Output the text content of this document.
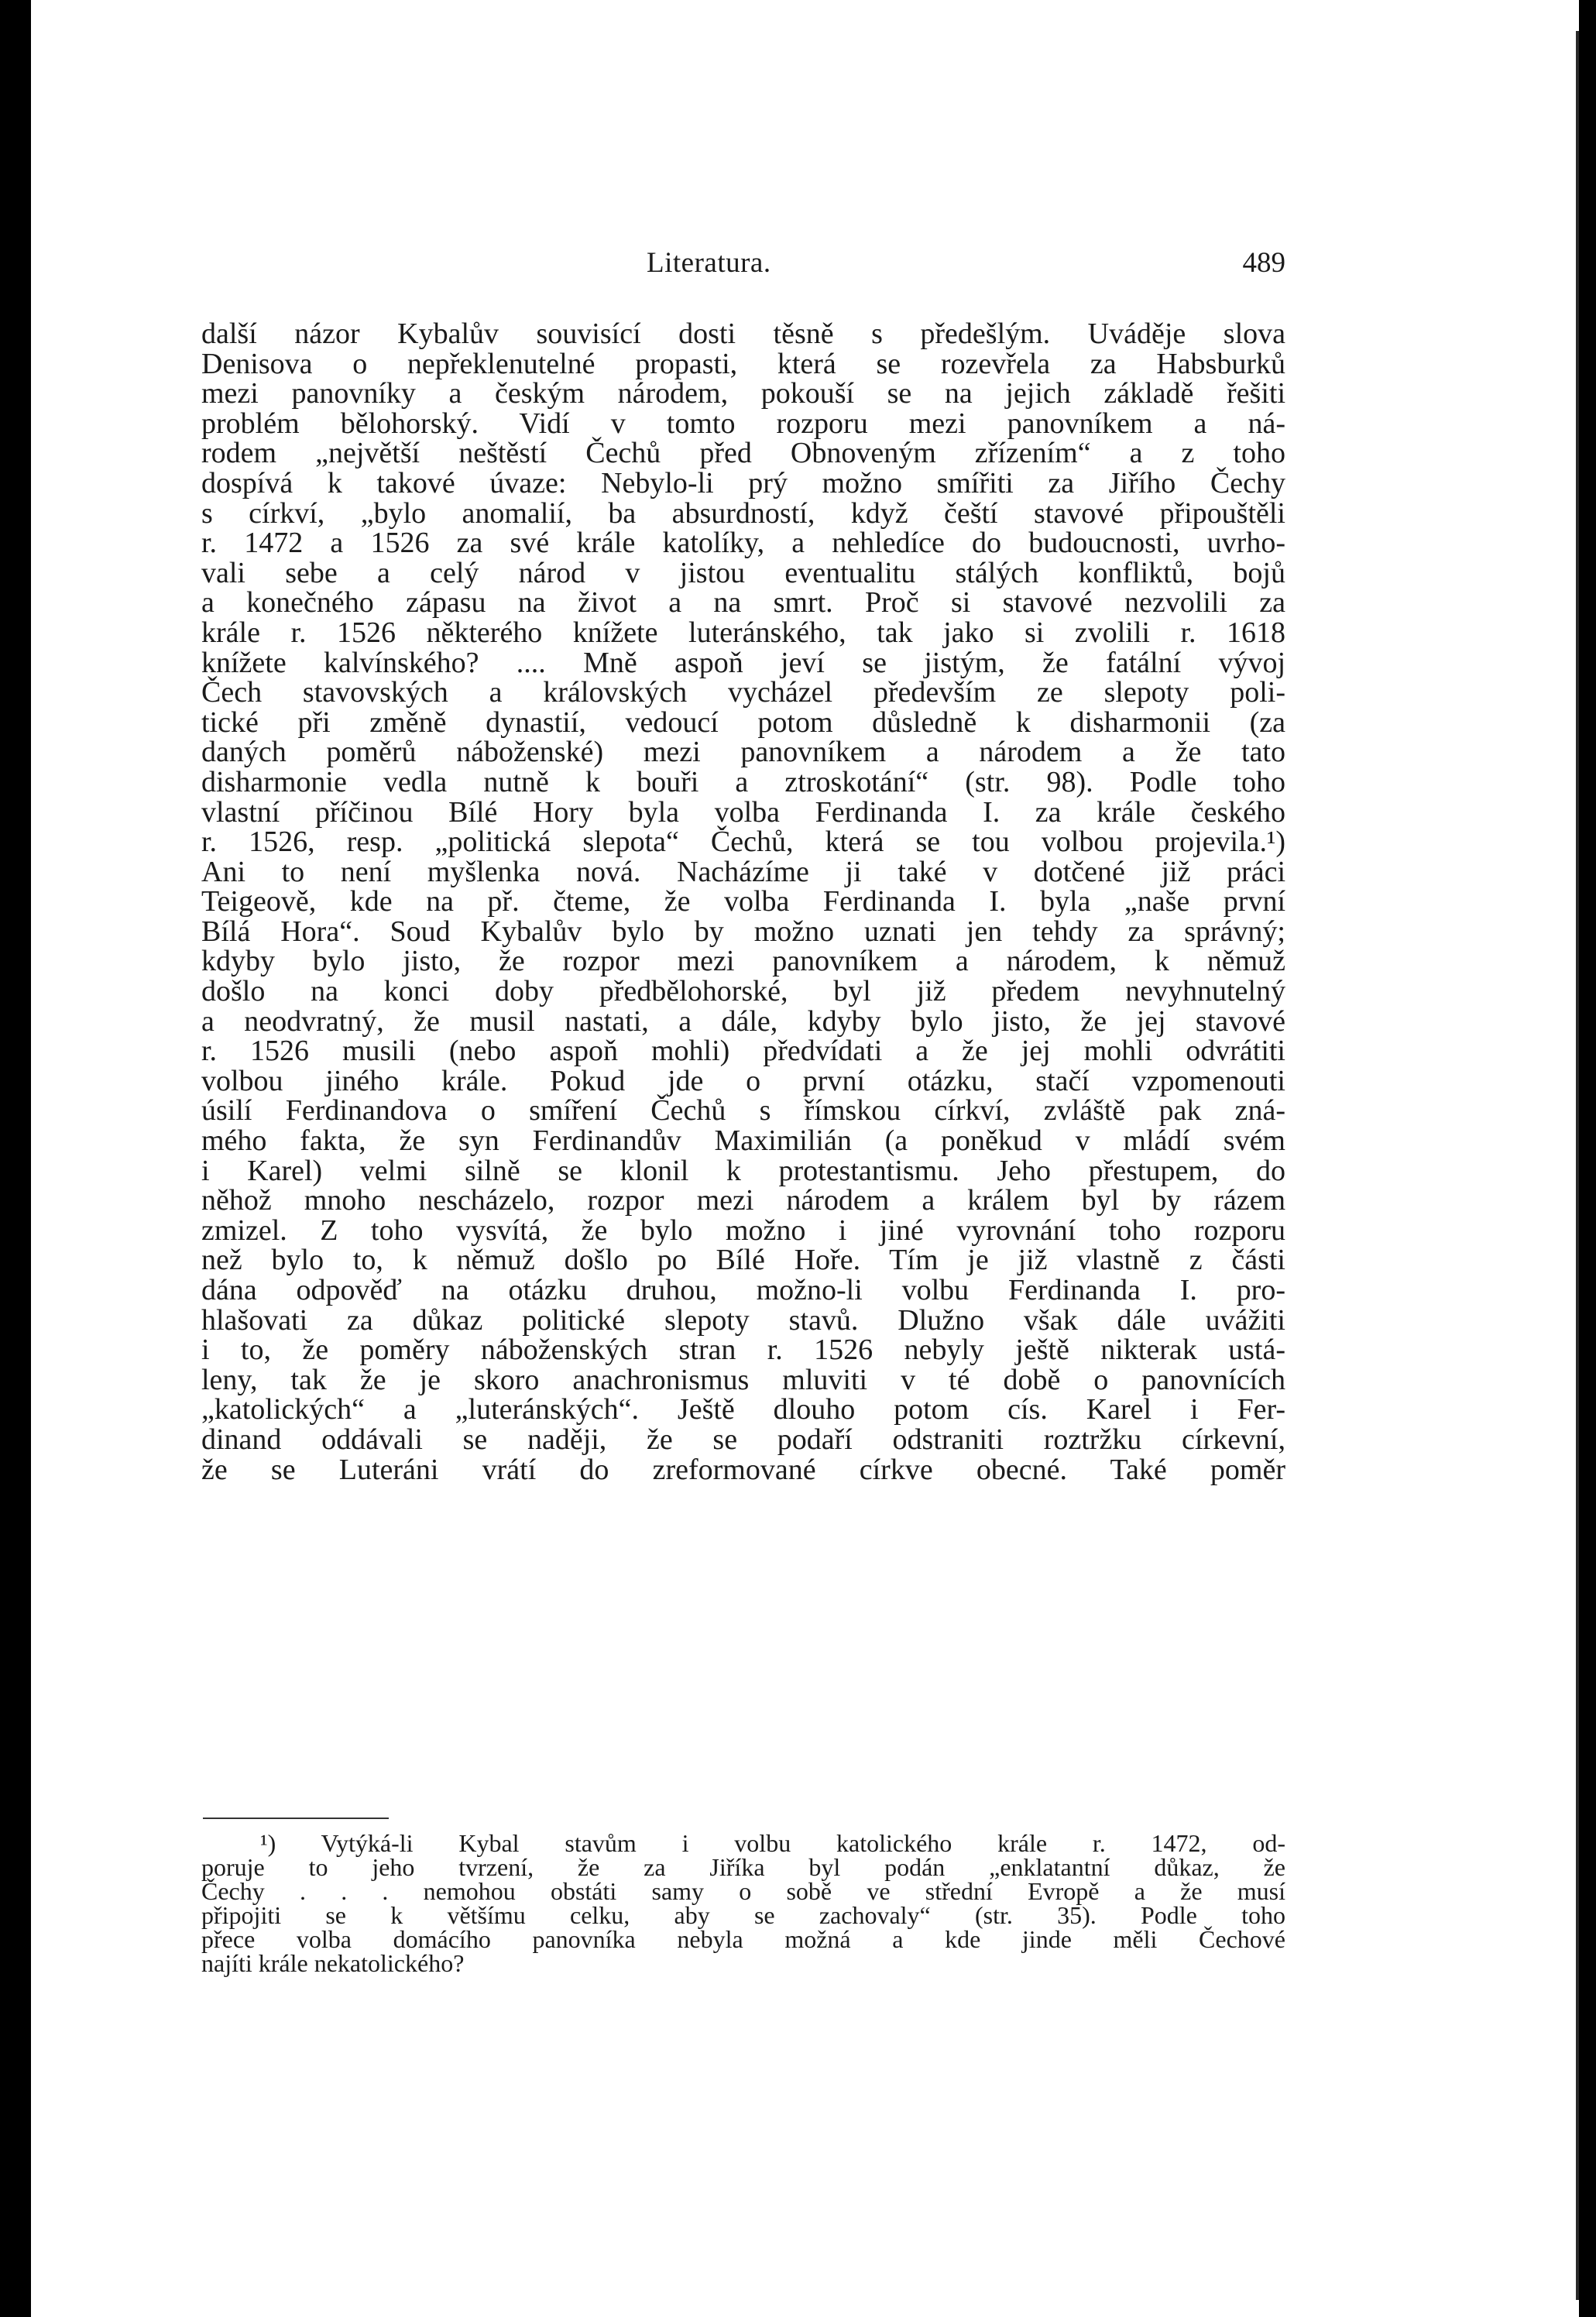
Literatura.	489
další názor Kybalův souvisící dosti těsně s předešlým. Uváděje slova
Denisova o nepřeklenutelné propasti, která se rozevřela za Habsburků
mezi panovníky a českým národem, pokouší se na jejich základě řešiti
problém bělohorský. Vidí v tomto rozporu mezi panovníkem a ná-
rodem „největší neštěstí Čechů před Obnoveným zřízením“ a z toho
dospívá k takové úvaze: Nebylo-li prý možno smířiti za Jiřího Čechy
s církví, „bylo anomalií, ba absurdností, když čeští stavové připouštěli
r. 1472 a 1526 za své krále katolíky, a nehledíce do budoucnosti, uvrho-
vali sebe a celý národ v jistou eventualitu stálých konfliktů, bojů
a konečného zápasu na život a na smrt. Proč si stavové nezvolili za
krále r. 1526 některého knížete luteránského, tak jako si zvolili r. 1618
knížete kalvínského? .... Mně aspoň jeví se jistým, že fatální vývoj
Čech stavovských a královských vycházel především ze slepoty poli-
tické při změně dynastií, vedoucí potom důsledně k disharmonii (za
daných poměrů náboženské) mezi panovníkem a národem a že tato
disharmonie vedla nutně k bouři a ztroskotání“ (str. 98). Podle toho
vlastní příčinou Bílé Hory byla volba Ferdinanda I. za krále českého
r. 1526, resp. „politická slepota“ Čechů, která se tou volbou projevila.¹)
Ani to není myšlenka nová. Nacházíme ji také v dotčené již práci
Teigeově, kde na př. čteme, že volba Ferdinanda I. byla „naše první
Bílá Hora“. Soud Kybalův bylo by možno uznati jen tehdy za správný;
kdyby bylo jisto, že rozpor mezi panovníkem a národem, k němuž
došlo na konci doby předbělohorské, byl již předem nevyhnutelný
a neodvratný, že musil nastati, a dále, kdyby bylo jisto, že jej stavové
r. 1526 musili (nebo aspoň mohli) předvídati a že jej mohli odvrátiti
volbou jiného krále. Pokud jde o první otázku, stačí vzpomenouti
úsilí Ferdinandova o smíření Čechů s římskou církví, zvláště pak zná-
mého fakta, že syn Ferdinandův Maximilián (a poněkud v mládí svém
i Karel) velmi silně se klonil k protestantismu. Jeho přestupem, do
něhož mnoho nescházelo, rozpor mezi národem a králem byl by rázem
zmizel. Z toho vysvítá, že bylo možno i jiné vyrovnání toho rozporu
než bylo to, k němuž došlo po Bílé Hoře. Tím je již vlastně z části
dána odpověď na otázku druhou, možno-li volbu Ferdinanda I. pro-
hlašovati za důkaz politické slepoty stavů. Dlužno však dále uvážiti
i to, že poměry náboženských stran r. 1526 nebyly ještě nikterak ustá-
leny, tak že je skoro anachronismus mluviti v té době o panovnících
„katolických“ a „luteránských“. Ještě dlouho potom cís. Karel i Fer-
dinand oddávali se naději, že se podaří odstraniti roztržku církevní,
že se Luteráni vrátí do zreformované církve obecné. Také poměr
¹) Vytýká-li Kybal stavům i volbu katolického krále r. 1472, od-
poruje to jeho tvrzení, že za Jiříka byl podán „enklatantní důkaz, že
Čechy . . . nemohou obstáti samy o sobě ve střední Evropě a že musí
připojiti se k většímu celku, aby se zachovaly“ (str. 35). Podle toho
přece volba domácího panovníka nebyla možná a kde jinde měli Čechové
najíti krále nekatolického?
